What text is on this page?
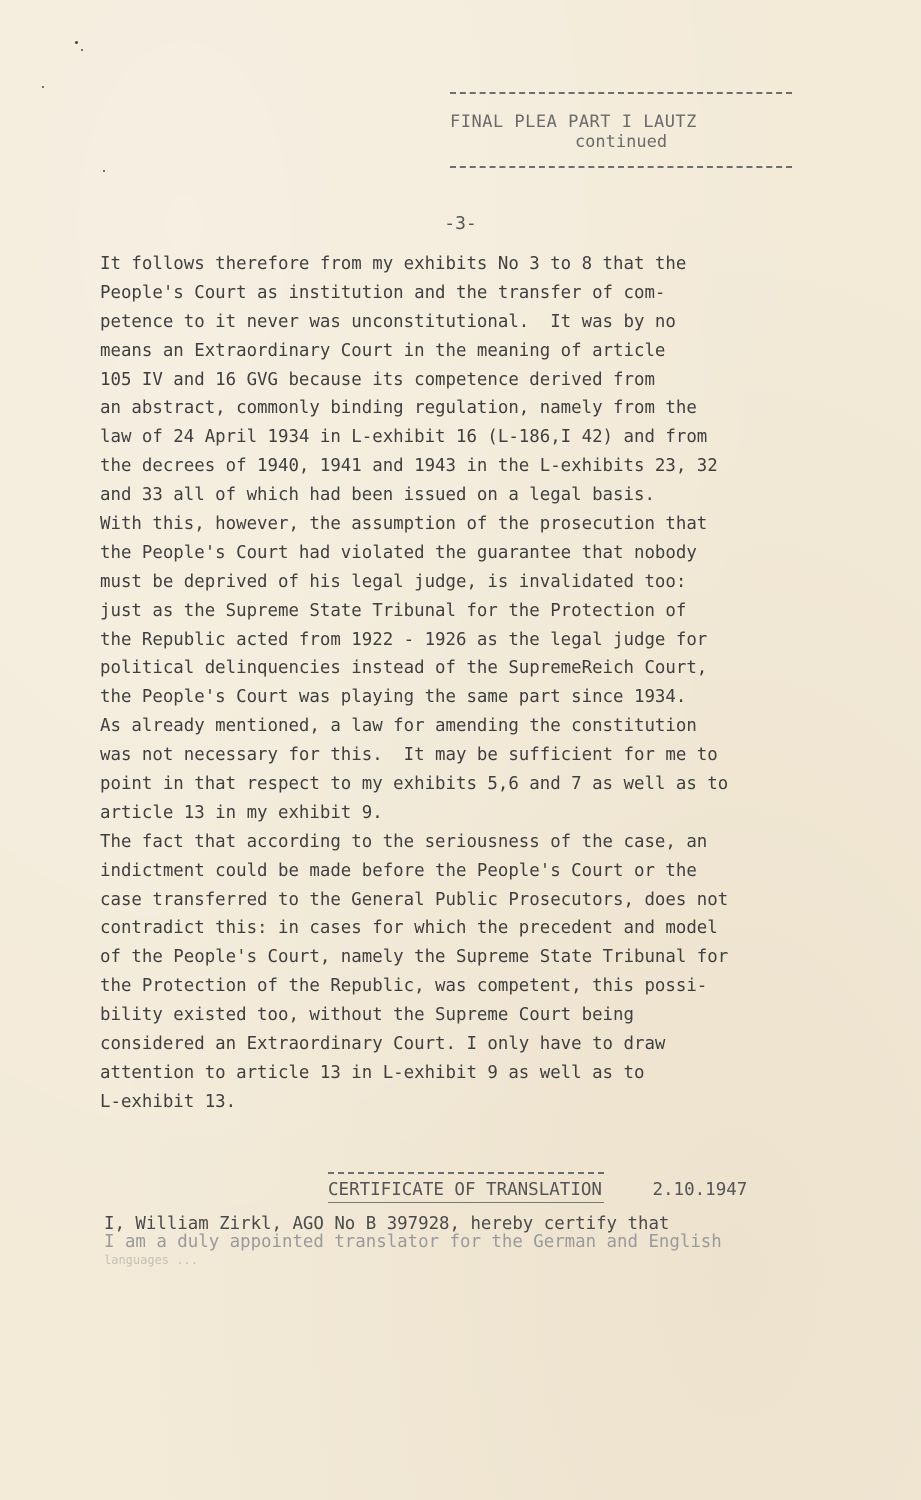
FINAL PLEA PART I LAUTZ
continued
-3-
It follows therefore from my exhibits No 3 to 8 that the
People's Court as institution and the transfer of com-
petence to it never was unconstitutional.  It was by no
means an Extraordinary Court in the meaning of article
105 IV and 16 GVG because its competence derived from
an abstract, commonly binding regulation, namely from the
law of 24 April 1934 in L-exhibit 16 (L-186,I 42) and from
the decrees of 1940, 1941 and 1943 in the L-exhibits 23, 32
and 33 all of which had been issued on a legal basis.
With this, however, the assumption of the prosecution that
the People's Court had violated the guarantee that nobody
must be deprived of his legal judge, is invalidated too:
just as the Supreme State Tribunal for the Protection of
the Republic acted from 1922 - 1926 as the legal judge for
political delinquencies instead of the SupremeReich Court,
the People's Court was playing the same part since 1934.
As already mentioned, a law for amending the constitution
was not necessary for this.  It may be sufficient for me to
point in that respect to my exhibits 5,6 and 7 as well as to
article 13 in my exhibit 9.
The fact that according to the seriousness of the case, an
indictment could be made before the People's Court or the
case transferred to the General Public Prosecutors, does not
contradict this: in cases for which the precedent and model
of the People's Court, namely the Supreme State Tribunal for
the Protection of the Republic, was competent, this possi-
bility existed too, without the Supreme Court being
considered an Extraordinary Court. I only have to draw
attention to article 13 in L-exhibit 9 as well as to
L-exhibit 13.
CERTIFICATE OF TRANSLATION	2.10.1947
I, William Zirkl, AGO No B 397928, hereby certify that
I am a duly appointed translator for the German and English
languages ...
